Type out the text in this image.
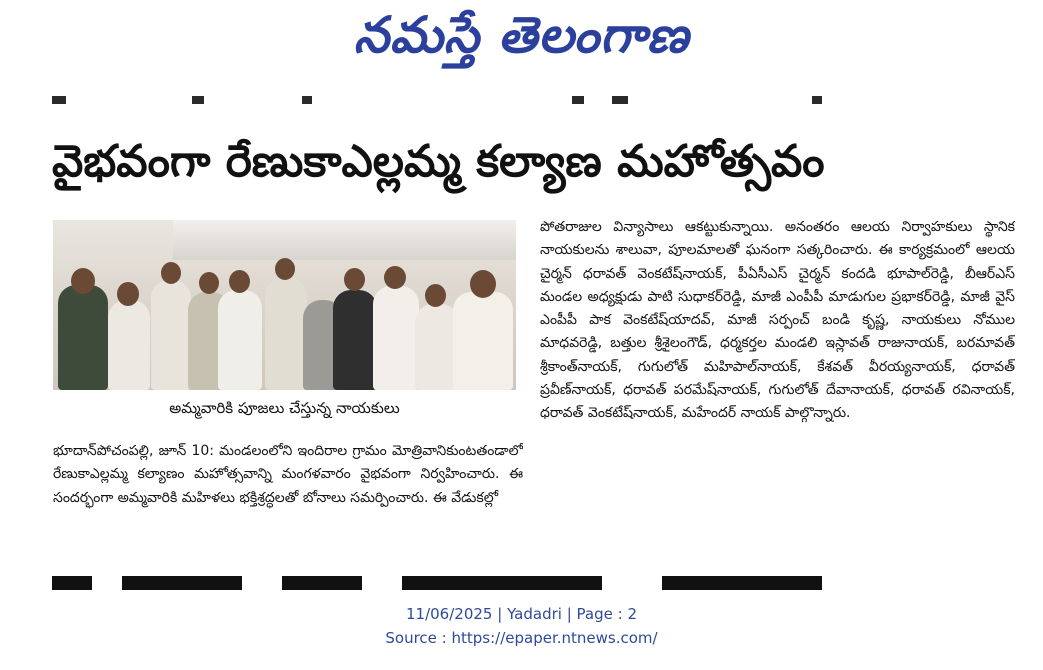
నమస్తే తెలంగాణ
వైభవంగా రేణుకాఎల్లమ్మ కల్యాణ మహోత్సవం
అమ్మవారికి పూజలు చేస్తున్న నాయకులు

భూదాన్‌పోచంపల్లి, జూన్ 10: మండలంలోని ఇందిరాల గ్రామం మోత్రివానికుంటతండాలో రేణుకాఎల్లమ్మ కల్యాణం మహోత్సవాన్ని మంగళవారం వైభవంగా నిర్వహించారు. ఈ సందర్భంగా అమ్మవారికి మహిళలు భక్తిశ్రద్ధలతో బోనాలు సమర్పించారు. ఈ వేడుకల్లో

పోతరాజుల విన్యాసాలు ఆకట్టుకున్నాయి. అనంతరం ఆలయ నిర్వాహకులు స్థానిక నాయకులను శాలువా, పూలమాలతో ఘనంగా సత్కరించారు. ఈ కార్యక్రమంలో ఆలయ చైర్మన్ ధరావత్ వెంకటేష్‌నాయక్, పీఏసీఎస్ చైర్మన్ కందడి భూపాల్‌రెడ్డి, బీఆర్‌ఎస్ మండల అధ్యక్షుడు పాటి సుధాకర్‌రెడ్డి, మాజీ ఎంపీపీ మాడుగుల ప్రభాకర్‌రెడ్డి, మాజీ వైస్ ఎంపీపీ పాక వెంకటేష్‌యాదవ్, మాజీ సర్పంచ్ బండి కృష్ణ, నాయకులు నోముల మాధవరెడ్డి, బత్తుల శ్రీశైలంగౌడ్, ధర్మకర్తల మండలి ఇస్లావత్ రాజునాయక్, బరమావత్ శ్రీకాంత్‌నాయక్, గుగులోత్ మహిపాల్‌నాయక్, కేశవత్ వీరయ్యనాయక్, ధరావత్ ప్రవీణ్‌నాయక్, ధరావత్ పరమేష్‌నాయక్, గుగులోత్ దేవానాయక్, ధరావత్ రవినాయక్, ధరావత్ వెంకటేష్‌నాయక్, మహేందర్ నాయక్ పాల్గొన్నారు.

11/06/2025 | Yadadri | Page : 2
Source : https://epaper.ntnews.com/
